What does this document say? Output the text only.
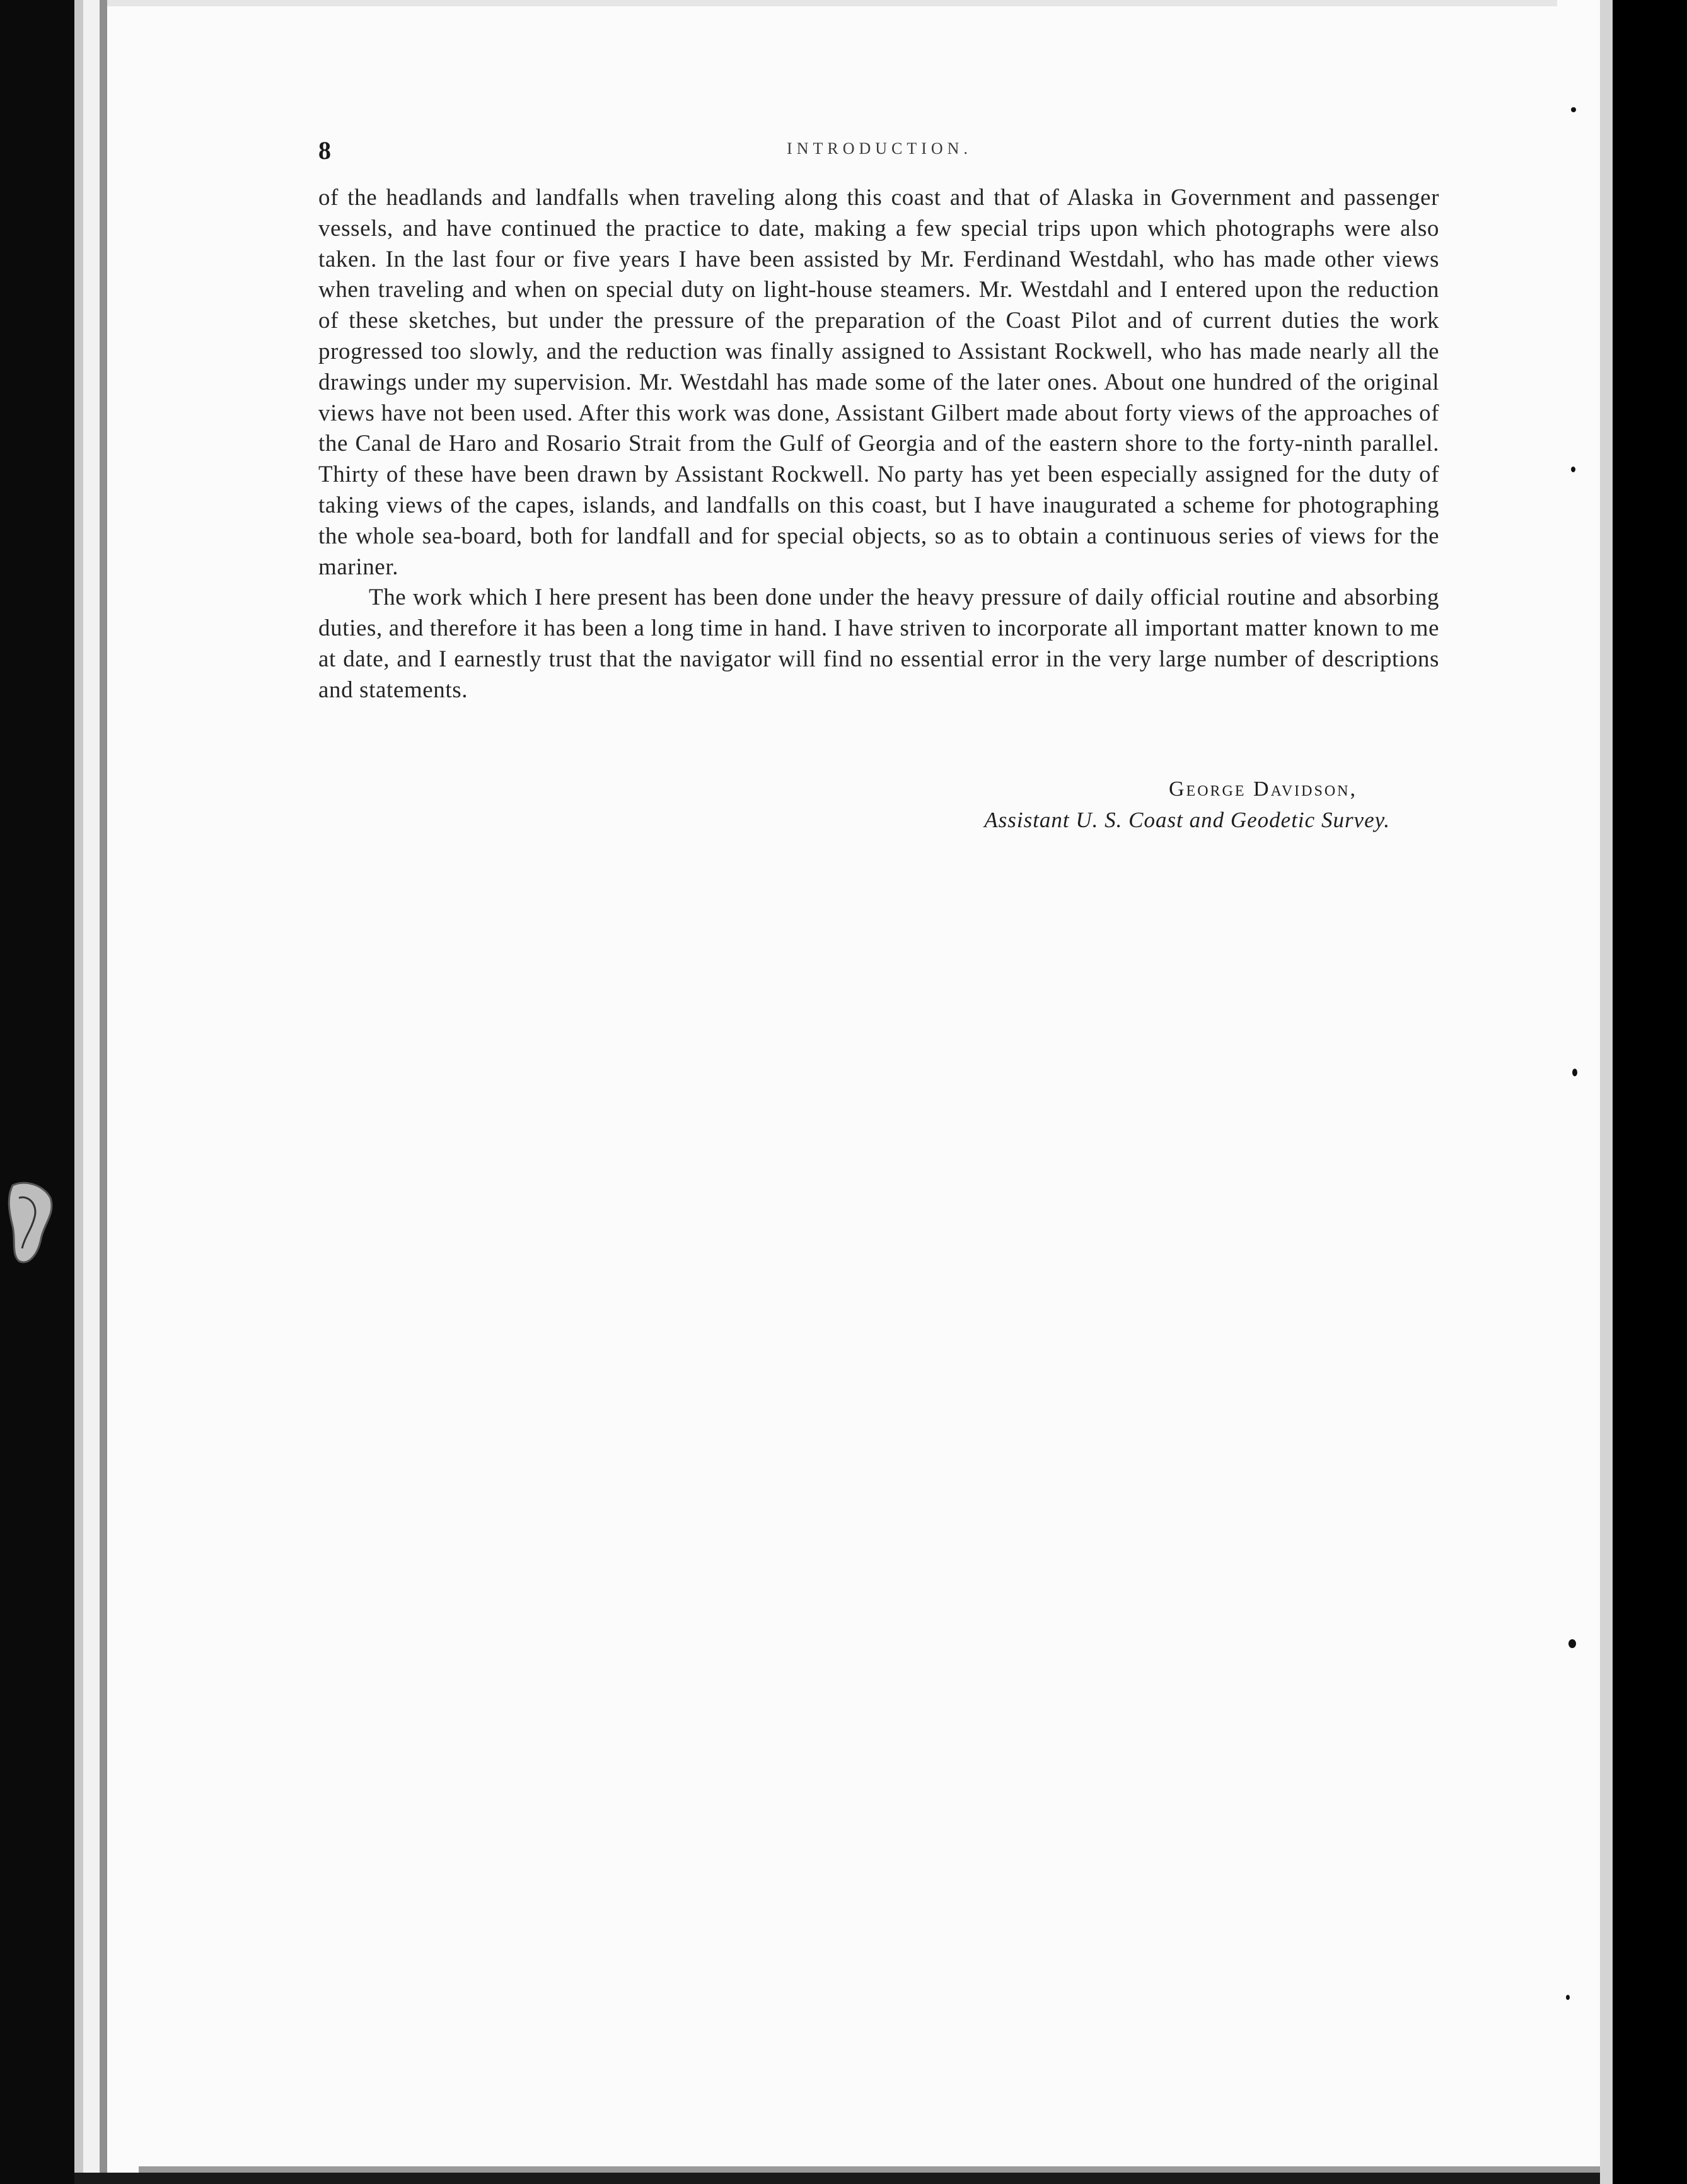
8	INTRODUCTION.

of the headlands and landfalls when traveling along this coast and that of Alaska in Government and passenger vessels, and have continued the practice to date, making a few special trips upon which photographs were also taken. In the last four or five years I have been assisted by Mr. Ferdinand Westdahl, who has made other views when traveling and when on special duty on light-house steamers. Mr. Westdahl and I entered upon the reduction of these sketches, but under the pressure of the preparation of the Coast Pilot and of current duties the work progressed too slowly, and the reduction was finally assigned to Assistant Rockwell, who has made nearly all the drawings under my supervision. Mr. Westdahl has made some of the later ones. About one hundred of the original views have not been used. After this work was done, Assistant Gilbert made about forty views of the approaches of the Canal de Haro and Rosario Strait from the Gulf of Georgia and of the eastern shore to the forty-ninth parallel. Thirty of these have been drawn by Assistant Rockwell. No party has yet been especially assigned for the duty of taking views of the capes, islands, and landfalls on this coast, but I have inaugurated a scheme for photographing the whole sea-board, both for landfall and for special objects, so as to obtain a continuous series of views for the mariner.

The work which I here present has been done under the heavy pressure of daily official routine and absorbing duties, and therefore it has been a long time in hand. I have striven to incorporate all important matter known to me at date, and I earnestly trust that the navigator will find no essential error in the very large number of descriptions and statements.

George Davidson,
Assistant U. S. Coast and Geodetic Survey.
